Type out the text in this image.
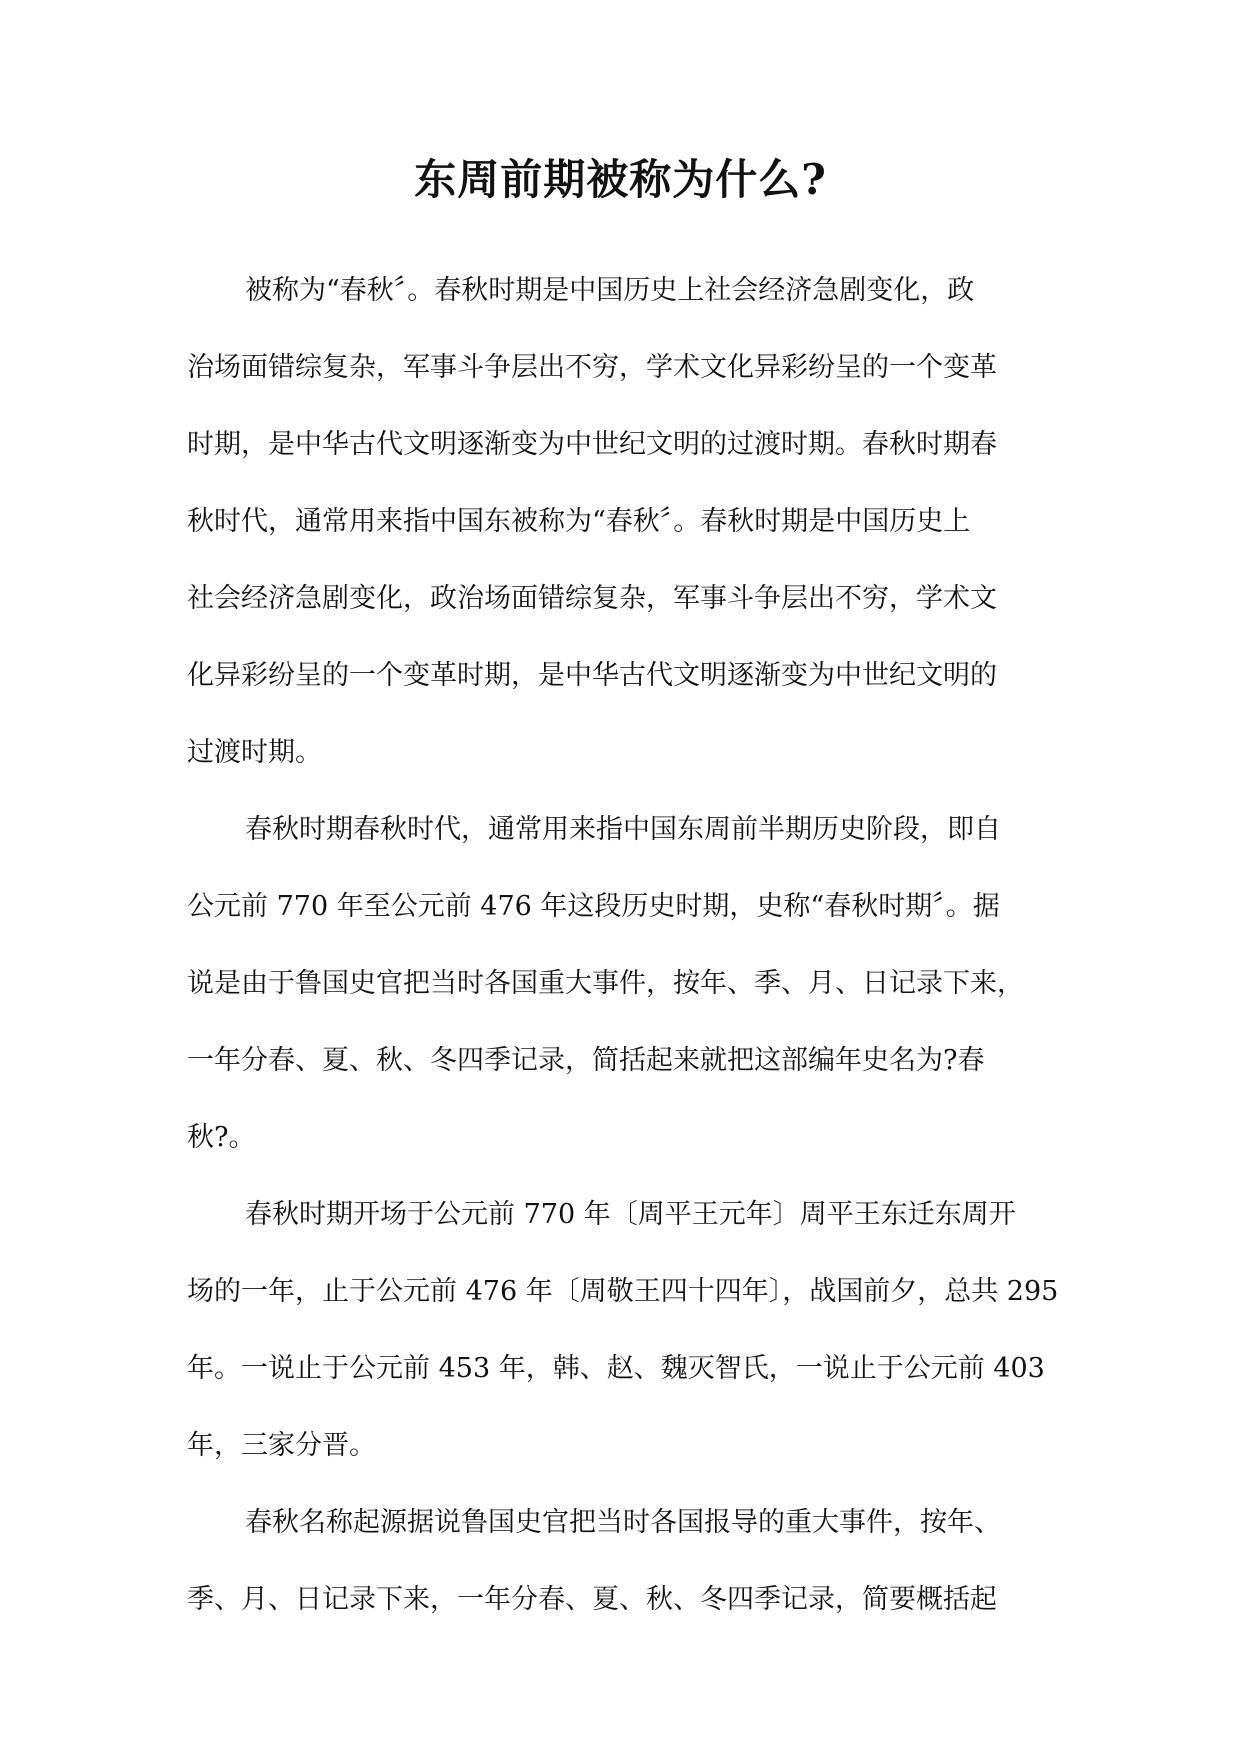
东周前期被称为什么?

被称为“春秋〞。春秋时期是中国历史上社会经济急剧变化，政
治场面错综复杂，军事斗争层出不穷，学术文化异彩纷呈的一个变革
时期，是中华古代文明逐渐变为中世纪文明的过渡时期。春秋时期春
秋时代，通常用来指中国东被称为“春秋〞。春秋时期是中国历史上
社会经济急剧变化，政治场面错综复杂，军事斗争层出不穷，学术文
化异彩纷呈的一个变革时期，是中华古代文明逐渐变为中世纪文明的
过渡时期。

春秋时期春秋时代，通常用来指中国东周前半期历史阶段，即自
公元前 770 年至公元前 476 年这段历史时期，史称“春秋时期〞。据
说是由于鲁国史官把当时各国重大事件，按年、季、月、日记录下来，
一年分春、夏、秋、冬四季记录，简括起来就把这部编年史名为?春
秋?。

春秋时期开场于公元前 770 年〔周平王元年〕周平王东迁东周开
场的一年，止于公元前 476 年〔周敬王四十四年〕，战国前夕，总共 295
年。一说止于公元前 453 年，韩、赵、魏灭智氏，一说止于公元前 403
年，三家分晋。

春秋名称起源据说鲁国史官把当时各国报导的重大事件，按年、
季、月、日记录下来，一年分春、夏、秋、冬四季记录，简要概括起
